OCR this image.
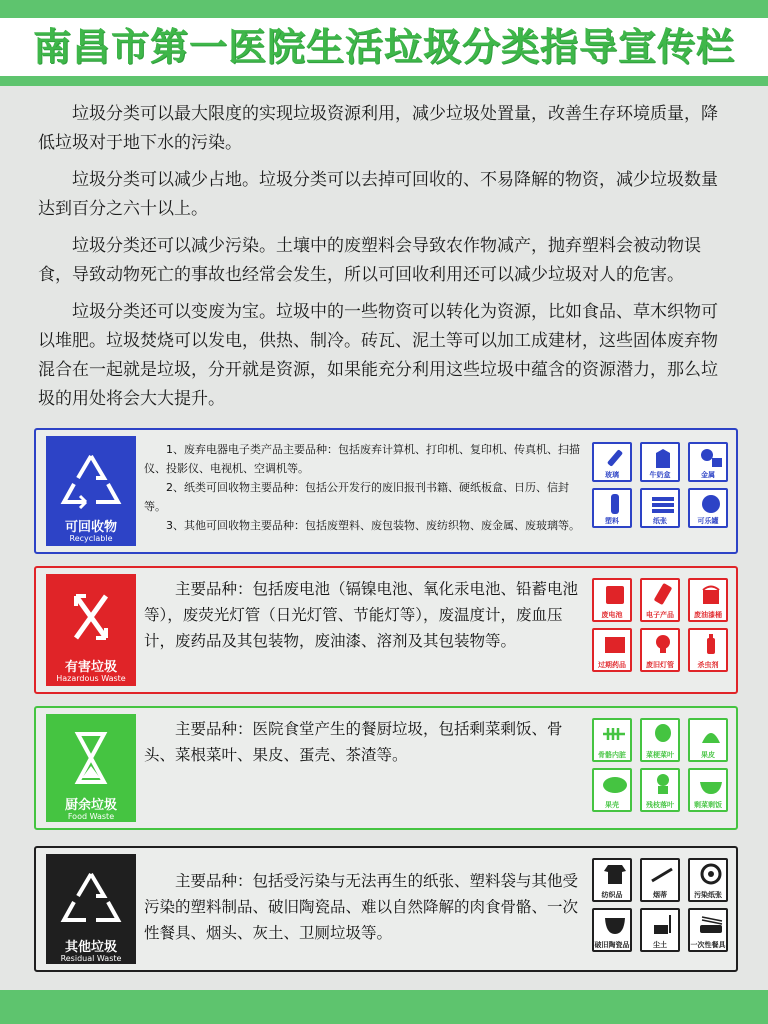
南昌市第一医院生活垃圾分类指导宣传栏

垃圾分类可以最大限度的实现垃圾资源利用，减少垃圾处置量，改善生存环境质量，降低垃圾对于地下水的污染。

垃圾分类可以减少占地。垃圾分类可以去掉可回收的、不易降解的物资，减少垃圾数量达到百分之六十以上。

垃圾分类还可以减少污染。土壤中的废塑料会导致农作物减产，抛弃塑料会被动物误食，导致动物死亡的事故也经常会发生，所以可回收利用还可以减少垃圾对人的危害。

垃圾分类还可以变废为宝。垃圾中的一些物资可以转化为资源，比如食品、草木织物可以堆肥。垃圾焚烧可以发电，供热、制冷。砖瓦、泥土等可以加工成建材，这些固体废弃物混合在一起就是垃圾，分开就是资源，如果能充分利用这些垃圾中蕴含的资源潜力，那么垃圾的用处将会大大提升。

可回收物
Recyclable
1、废弃电器电子类产品主要品种：包括废弃计算机、打印机、复印机、传真机、扫描仪、投影仪、电视机、空调机等。
2、纸类可回收物主要品种：包括公开发行的废旧报刊书籍、硬纸板盒、日历、信封等。
3、其他可回收物主要品种：包括废塑料、废包装物、废纺织物、废金属、废玻璃等。
玻璃	牛奶盒	金属
塑料	纸张	可乐罐
有害垃圾
Hazardous Waste
主要品种：包括废电池（镉镍电池、氧化汞电池、铅蓄电池等），废荧光灯管（日光灯管、节能灯等），废温度计，废血压计，废药品及其包装物，废油漆、溶剂及其包装物等。
废电池	电子产品	废油漆桶
过期药品	废旧灯管	杀虫剂
厨余垃圾
Food Waste
主要品种：医院食堂产生的餐厨垃圾，包括剩菜剩饭、骨头、菜根菜叶、果皮、蛋壳、茶渣等。	骨骼内脏	菜梗菜叶	果皮
果壳	残枝落叶	剩菜剩饭
其他垃圾
Residual Waste
主要品种：包括受污染与无法再生的纸张、塑料袋与其他受污染的塑料制品、破旧陶瓷品、难以自然降解的肉食骨骼、一次性餐具、烟头、灰土、卫厕垃圾等。
纺织品	烟蒂	污染纸张
破旧陶瓷品	尘土	一次性餐具
